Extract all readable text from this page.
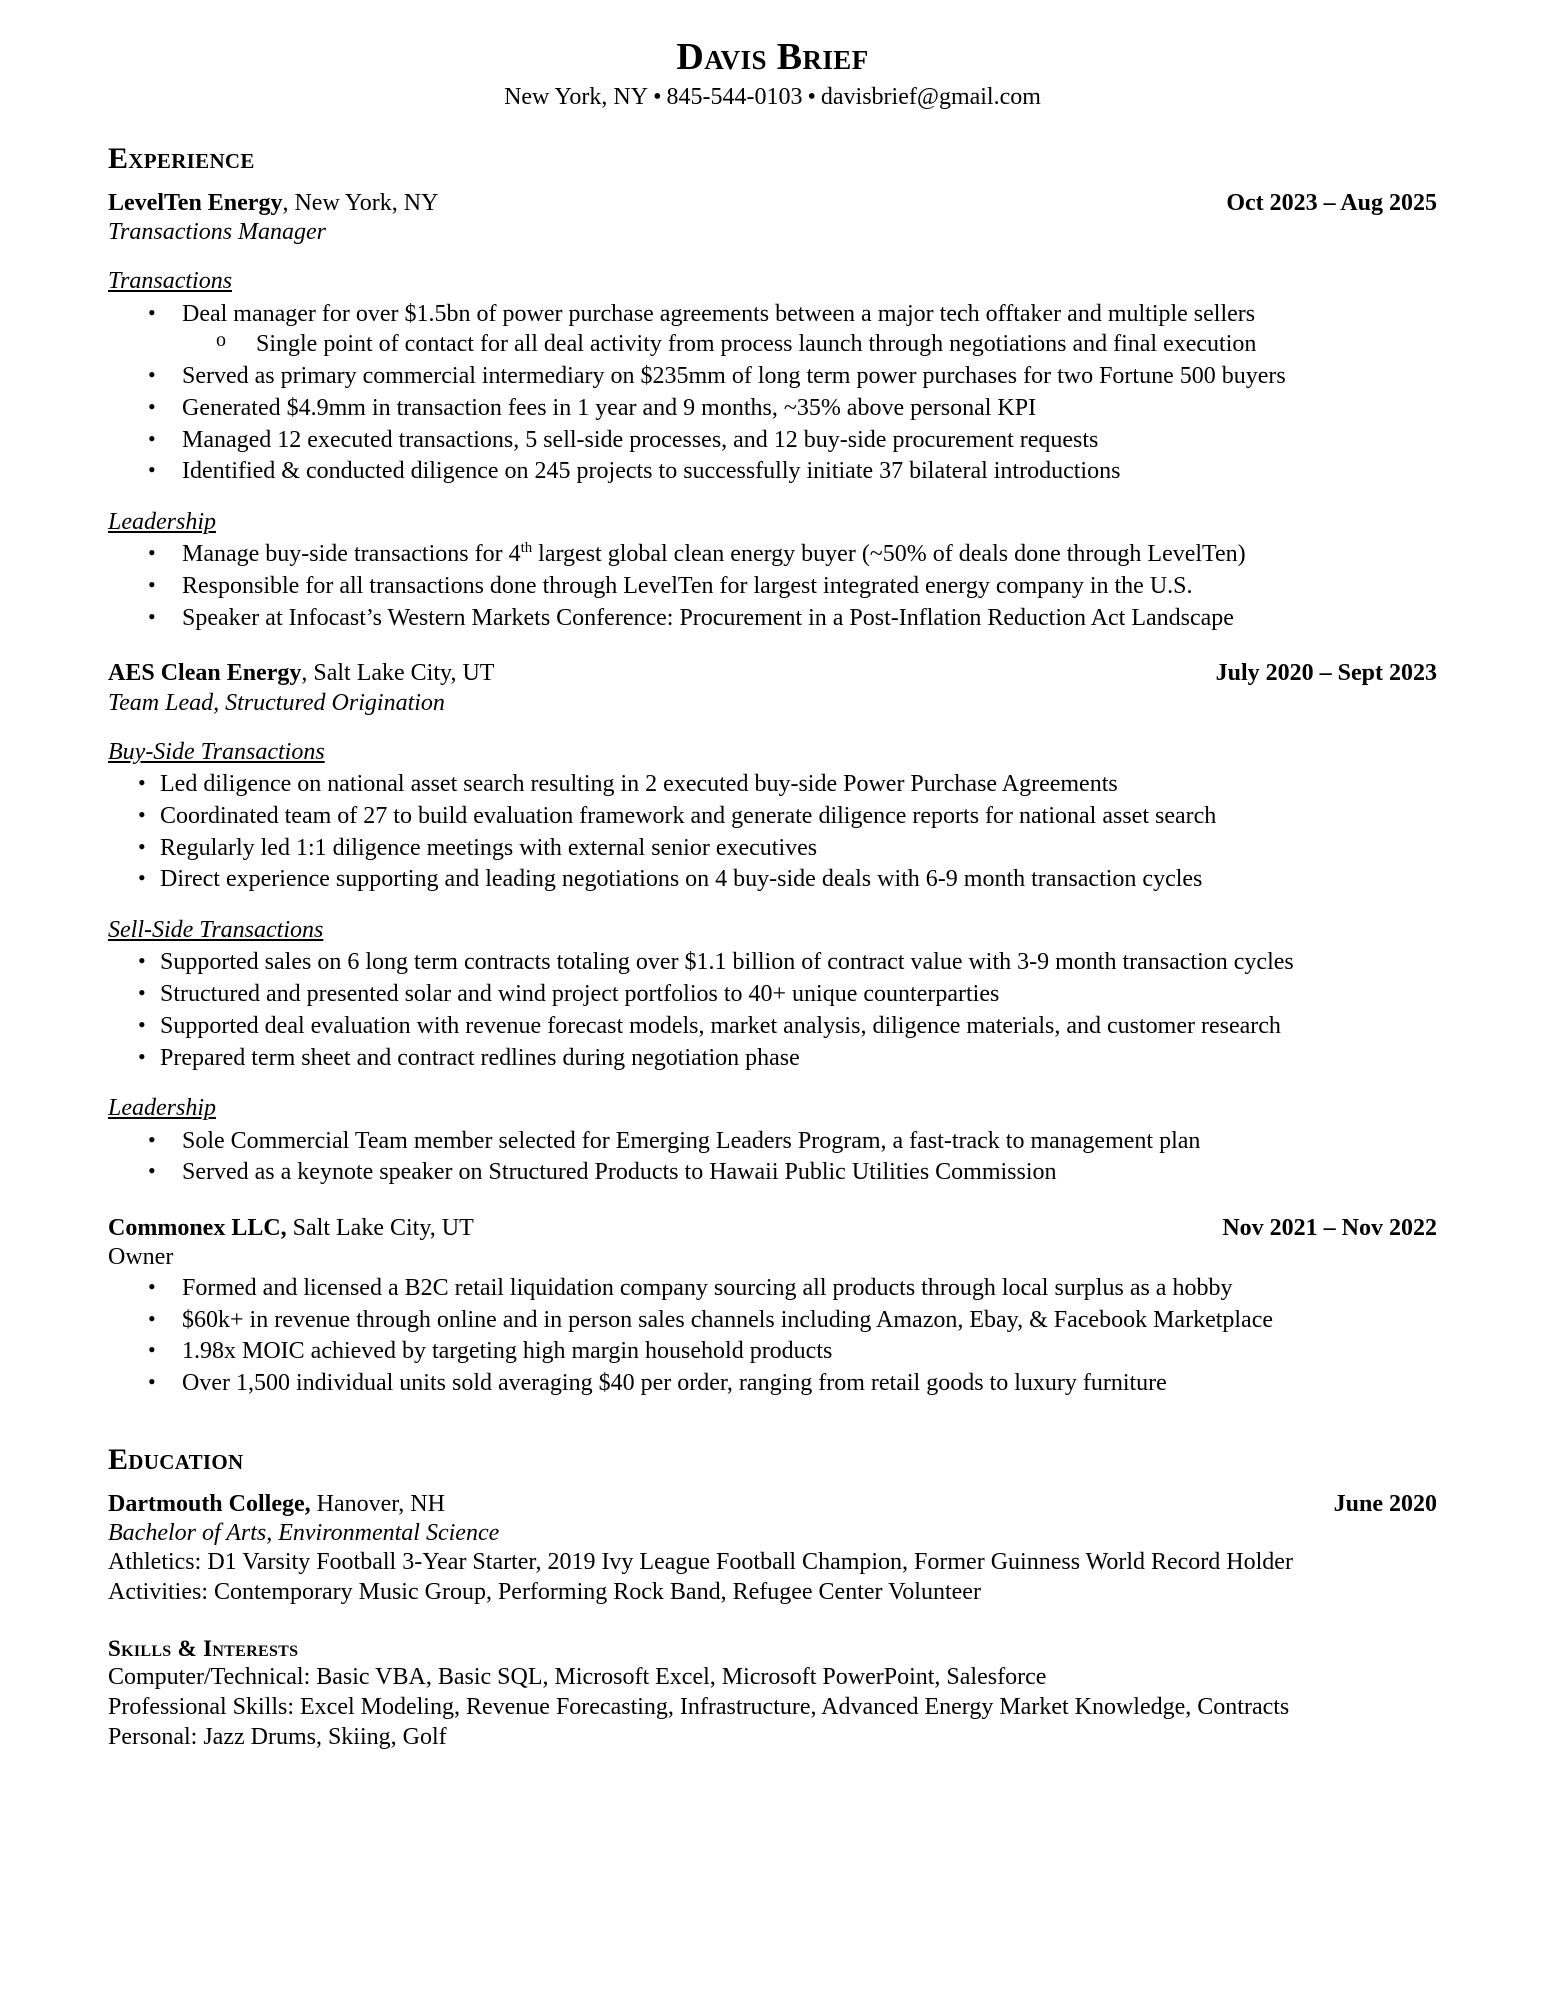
Davis Brief
New York, NY • 845-544-0103 • davisbrief@gmail.com
Experience
LevelTen Energy, New York, NY	Oct 2023 – Aug 2025
Transactions Manager
Transactions
• Deal manager for over $1.5bn of power purchase agreements between a major tech offtaker and multiple sellers
o Single point of contact for all deal activity from process launch through negotiations and final execution
• Served as primary commercial intermediary on $235mm of long term power purchases for two Fortune 500 buyers
• Generated $4.9mm in transaction fees in 1 year and 9 months, ~35% above personal KPI
• Managed 12 executed transactions, 5 sell-side processes, and 12 buy-side procurement requests
• Identified & conducted diligence on 245 projects to successfully initiate 37 bilateral introductions
Leadership
• Manage buy-side transactions for 4th largest global clean energy buyer (~50% of deals done through LevelTen)
• Responsible for all transactions done through LevelTen for largest integrated energy company in the U.S.
• Speaker at Infocast’s Western Markets Conference: Procurement in a Post-Inflation Reduction Act Landscape
AES Clean Energy, Salt Lake City, UT	July 2020 – Sept 2023
Team Lead, Structured Origination
Buy-Side Transactions
• Led diligence on national asset search resulting in 2 executed buy-side Power Purchase Agreements
• Coordinated team of 27 to build evaluation framework and generate diligence reports for national asset search
• Regularly led 1:1 diligence meetings with external senior executives
• Direct experience supporting and leading negotiations on 4 buy-side deals with 6-9 month transaction cycles
Sell-Side Transactions
• Supported sales on 6 long term contracts totaling over $1.1 billion of contract value with 3-9 month transaction cycles
• Structured and presented solar and wind project portfolios to 40+ unique counterparties
• Supported deal evaluation with revenue forecast models, market analysis, diligence materials, and customer research
• Prepared term sheet and contract redlines during negotiation phase
Leadership
• Sole Commercial Team member selected for Emerging Leaders Program, a fast-track to management plan
• Served as a keynote speaker on Structured Products to Hawaii Public Utilities Commission
Commonex LLC, Salt Lake City, UT	Nov 2021 – Nov 2022
Owner
• Formed and licensed a B2C retail liquidation company sourcing all products through local surplus as a hobby
• $60k+ in revenue through online and in person sales channels including Amazon, Ebay, & Facebook Marketplace
• 1.98x MOIC achieved by targeting high margin household products
• Over 1,500 individual units sold averaging $40 per order, ranging from retail goods to luxury furniture
Education
Dartmouth College, Hanover, NH	June 2020
Bachelor of Arts, Environmental Science
Athletics: D1 Varsity Football 3-Year Starter, 2019 Ivy League Football Champion, Former Guinness World Record Holder
Activities: Contemporary Music Group, Performing Rock Band, Refugee Center Volunteer
Skills & Interests
Computer/Technical: Basic VBA, Basic SQL, Microsoft Excel, Microsoft PowerPoint, Salesforce
Professional Skills: Excel Modeling, Revenue Forecasting, Infrastructure, Advanced Energy Market Knowledge, Contracts
Personal: Jazz Drums, Skiing, Golf
